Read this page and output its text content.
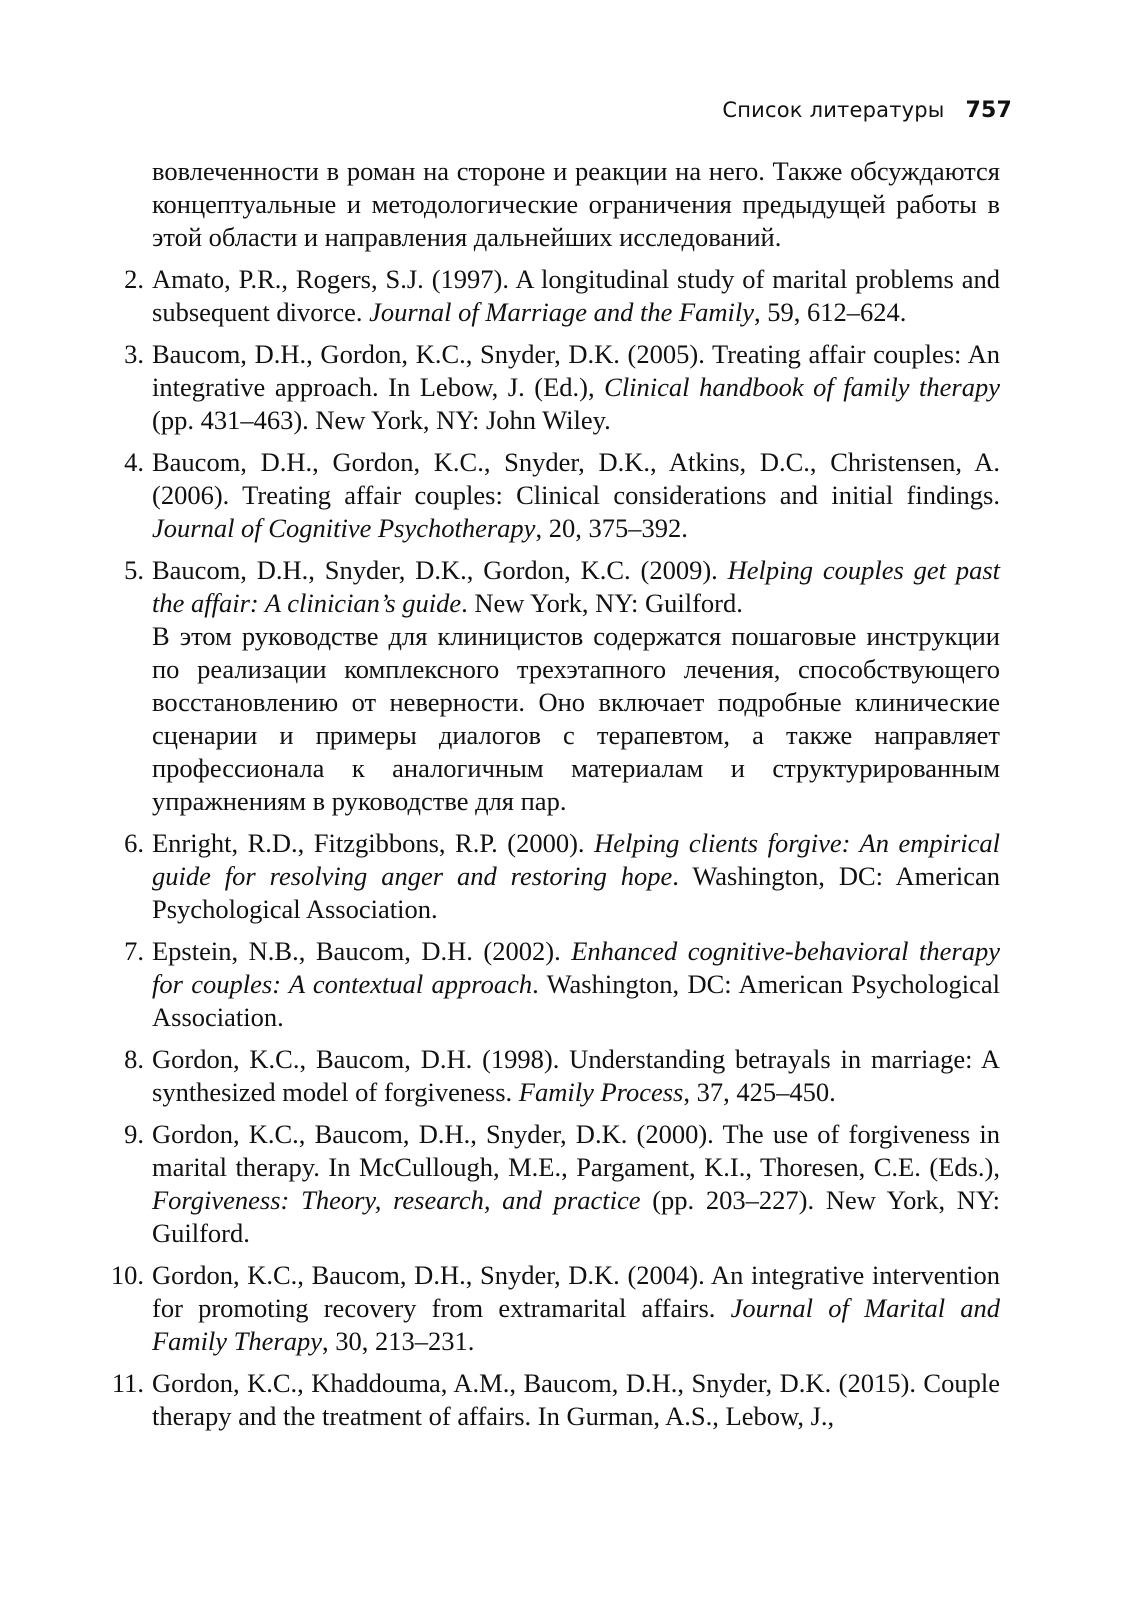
Список литературы 757

вовлеченности в роман на стороне и реакции на него. Также обсуждаются концептуальные и методологические ограничения предыдущей работы в этой области и направления дальнейших исследований.

2. Amato, P.R., Rogers, S.J. (1997). A longitudinal study of marital problems and subsequent divorce. Journal of Marriage and the Family, 59, 612–624.

3. Baucom, D.H., Gordon, K.C., Snyder, D.K. (2005). Treating affair couples: An integrative approach. In Lebow, J. (Ed.), Clinical handbook of family therapy (pp. 431–463). New York, NY: John Wiley.

4. Baucom, D.H., Gordon, K.C., Snyder, D.K., Atkins, D.C., Christensen, A. (2006). Treating affair couples: Clinical considerations and initial findings. Journal of Cognitive Psychotherapy, 20, 375–392.

5. Baucom, D.H., Snyder, D.K., Gordon, K.C. (2009). Helping couples get past the affair: A clinician’s guide. New York, NY: Guilford.

В этом руководстве для клиницистов содержатся пошаговые инструкции по реализации комплексного трехэтапного лечения, способствующего восстановлению от неверности. Оно включает подробные клинические сценарии и примеры диалогов с терапевтом, а также направляет профессионала к аналогичным материалам и структурированным упражнениям в руководстве для пар.

6. Enright, R.D., Fitzgibbons, R.P. (2000). Helping clients forgive: An empirical guide for resolving anger and restoring hope. Washington, DC: American Psychological Association.

7. Epstein, N.B., Baucom, D.H. (2002). Enhanced cognitive-behavioral therapy for couples: A contextual approach. Washington, DC: American Psychological Association.

8. Gordon, K.C., Baucom, D.H. (1998). Understanding betrayals in marriage: A synthesized model of forgiveness. Family Process, 37, 425–450.

9. Gordon, K.C., Baucom, D.H., Snyder, D.K. (2000). The use of forgiveness in marital therapy. In McCullough, M.E., Pargament, K.I., Thoresen, C.E. (Eds.), Forgiveness: Theory, research, and practice (pp. 203–227). New York, NY: Guilford.

10. Gordon, K.C., Baucom, D.H., Snyder, D.K. (2004). An integrative intervention for promoting recovery from extramarital affairs. Journal of Marital and Family Therapy, 30, 213–231.

11. Gordon, K.C., Khaddouma, A.M., Baucom, D.H., Snyder, D.K. (2015). Couple therapy and the treatment of affairs. In Gurman, A.S., Lebow, J.,
